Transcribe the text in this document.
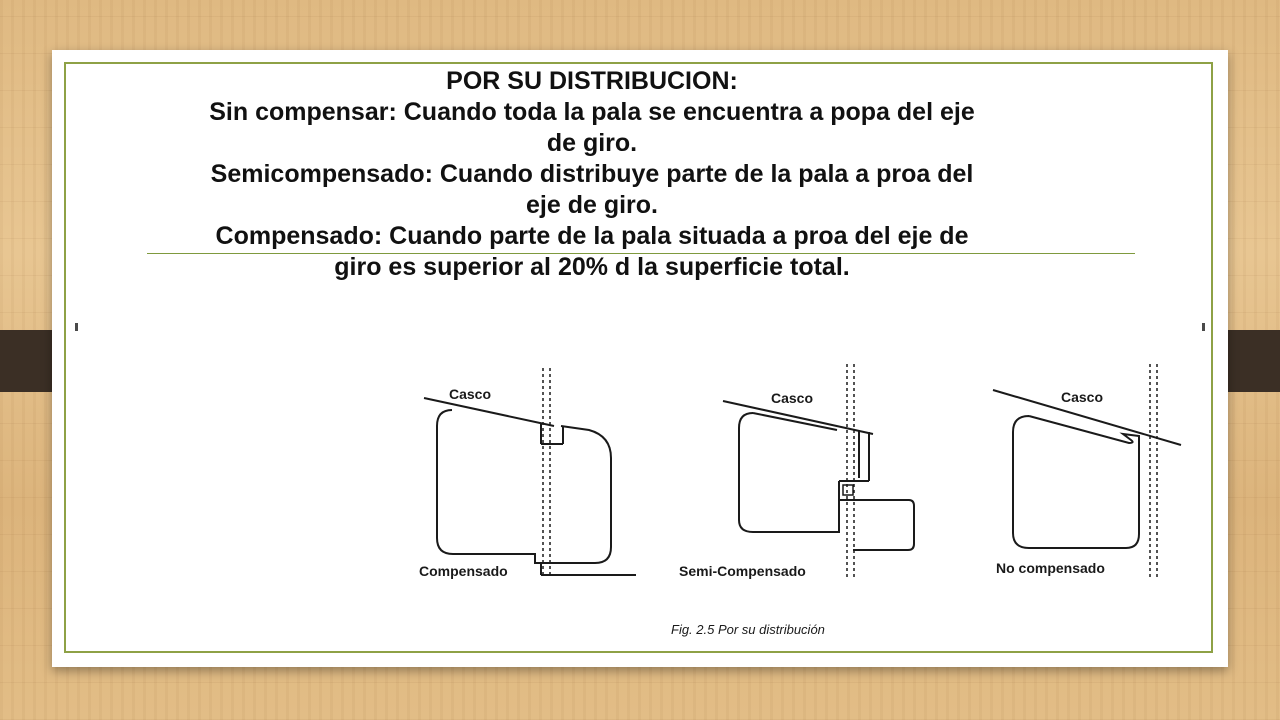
POR SU DISTRIBUCION:
Sin compensar: Cuando toda la pala se encuentra a popa del eje
de giro.
Semicompensado: Cuando distribuye parte de la pala a proa del
eje de giro.
Compensado: Cuando parte de la pala situada a proa del eje de
giro es superior al 20% d la superficie total.
Casco
Compensado
Casco
Semi-Compensado
Casco
No compensado
Fig. 2.5 Por su distribución
